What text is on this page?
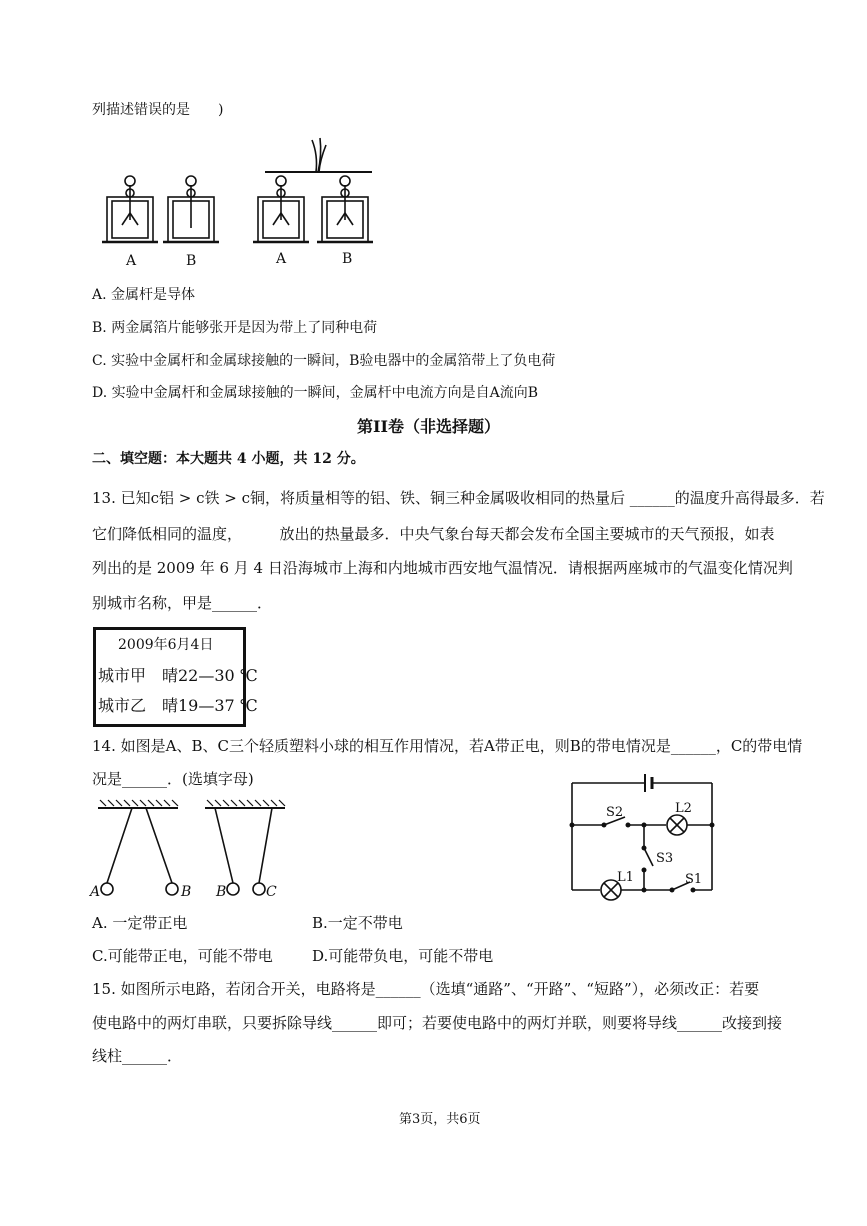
列描述错误的是　　)
A	B	A	B
A. 金属杆是导体
B. 两金属箔片能够张开是因为带上了同种电荷
C. 实验中金属杆和金属球接触的一瞬间，B验电器中的金属箔带上了负电荷
D. 实验中金属杆和金属球接触的一瞬间，金属杆中电流方向是自A流向B
第II卷（非选择题）
二、填空题：本大题共 4 小题，共 12 分。
13. 已知c铝 > c铁 > c铜，将质量相等的铝、铁、铜三种金属吸收相同的热量后 ______的温度升高得最多．若
它们降低相同的温度，　　　放出的热量最多．中央气象台每天都会发布全国主要城市的天气预报，如表
列出的是 2009 年 6 月 4 日沿海城市上海和内地城市西安地气温情况．请根据两座城市的气温变化情况判
别城市名称，甲是______．
2009年6月4日
城市甲　晴22—30 ℃
城市乙　晴19—37 ℃
14. 如图是A、B、C三个轻质塑料小球的相互作用情况，若A带正电，则B的带电情况是______，C的带电情
况是______．(选填字母)
A	B B	C
S2	L2
S3
L1	S1
A. 一定带正电	B.一定不带电
C.可能带正电，可能不带电	D.可能带负电，可能不带电
15. 如图所示电路，若闭合开关，电路将是______（选填“通路”、“开路”、“短路”），必须改正：若要
使电路中的两灯串联，只要拆除导线______即可；若要使电路中的两灯并联，则要将导线______改接到接
线柱______．
第3页，共6页
